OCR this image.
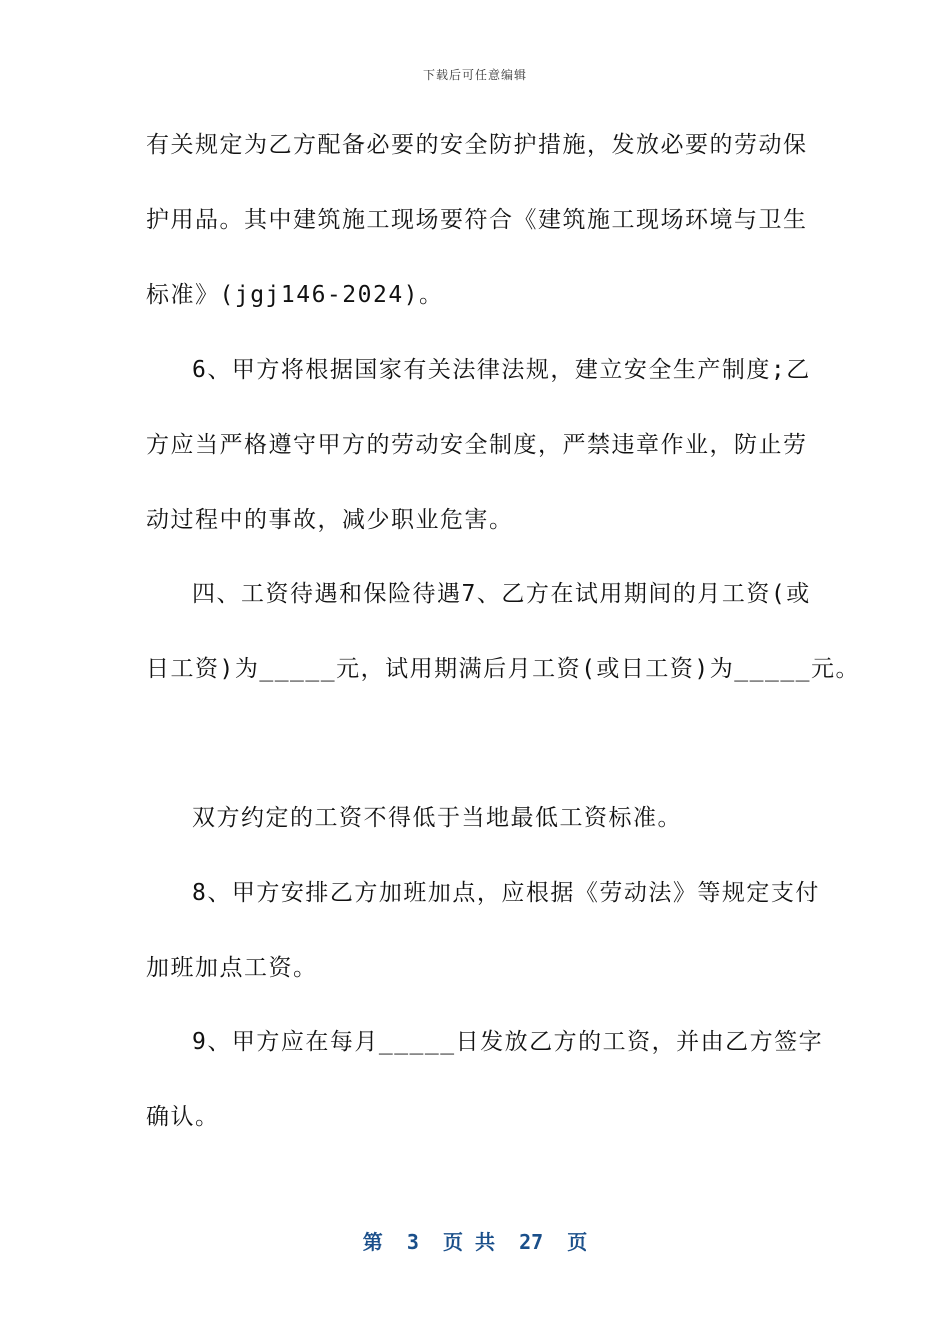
下载后可任意编辑
有关规定为乙方配备必要的安全防护措施，发放必要的劳动保
护用品。其中建筑施工现场要符合《建筑施工现场环境与卫生
标准》(jgj146-2024)。
6、甲方将根据国家有关法律法规，建立安全生产制度;乙
方应当严格遵守甲方的劳动安全制度，严禁违章作业，防止劳
动过程中的事故，减少职业危害。
四、工资待遇和保险待遇7、乙方在试用期间的月工资(或
日工资)为_____元，试用期满后月工资(或日工资)为_____元。
双方约定的工资不得低于当地最低工资标准。
8、甲方安排乙方加班加点，应根据《劳动法》等规定支付
加班加点工资。
9、甲方应在每月_____日发放乙方的工资，并由乙方签字
确认。
第  3  页 共  27  页
